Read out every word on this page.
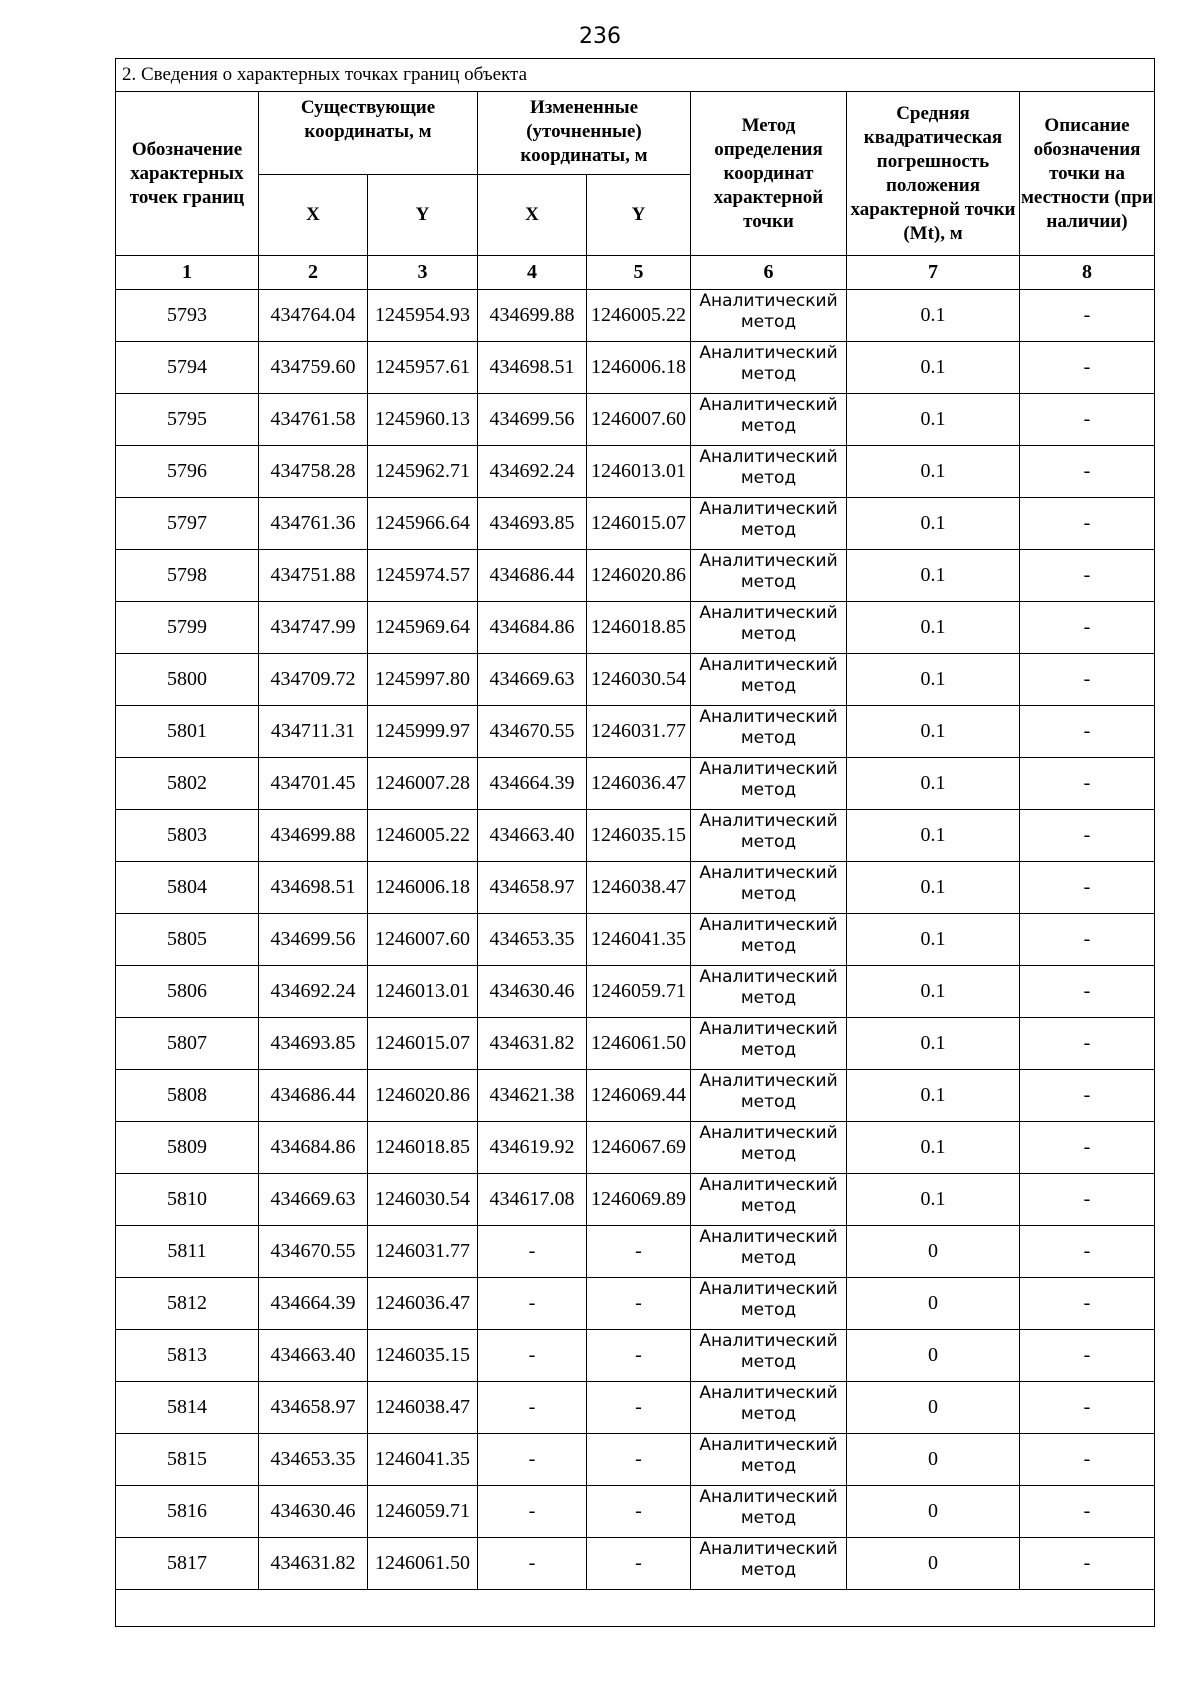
236
2. Сведения о характерных точках границ объекта							
Обозначение характерных точек границ	Существующие координаты, м		Измененные (уточненные) координаты, м		Метод определения координат характерной точки	Средняя квадратическая погрешность положения характерной точки (Mt), м	Описание обозначения точки на местности (при наличии)
	X	Y	X	Y			
1	2	3	4	5	6	7	8
5793	434764.04	1245954.93	434699.88	1246005.22	Аналитический метод	0.1	-
5794	434759.60	1245957.61	434698.51	1246006.18	Аналитический метод	0.1	-
5795	434761.58	1245960.13	434699.56	1246007.60	Аналитический метод	0.1	-
5796	434758.28	1245962.71	434692.24	1246013.01	Аналитический метод	0.1	-
5797	434761.36	1245966.64	434693.85	1246015.07	Аналитический метод	0.1	-
5798	434751.88	1245974.57	434686.44	1246020.86	Аналитический метод	0.1	-
5799	434747.99	1245969.64	434684.86	1246018.85	Аналитический метод	0.1	-
5800	434709.72	1245997.80	434669.63	1246030.54	Аналитический метод	0.1	-
5801	434711.31	1245999.97	434670.55	1246031.77	Аналитический метод	0.1	-
5802	434701.45	1246007.28	434664.39	1246036.47	Аналитический метод	0.1	-
5803	434699.88	1246005.22	434663.40	1246035.15	Аналитический метод	0.1	-
5804	434698.51	1246006.18	434658.97	1246038.47	Аналитический метод	0.1	-
5805	434699.56	1246007.60	434653.35	1246041.35	Аналитический метод	0.1	-
5806	434692.24	1246013.01	434630.46	1246059.71	Аналитический метод	0.1	-
5807	434693.85	1246015.07	434631.82	1246061.50	Аналитический метод	0.1	-
5808	434686.44	1246020.86	434621.38	1246069.44	Аналитический метод	0.1	-
5809	434684.86	1246018.85	434619.92	1246067.69	Аналитический метод	0.1	-
5810	434669.63	1246030.54	434617.08	1246069.89	Аналитический метод	0.1	-
5811	434670.55	1246031.77	-	-	Аналитический метод	0	-
5812	434664.39	1246036.47	-	-	Аналитический метод	0	-
5813	434663.40	1246035.15	-	-	Аналитический метод	0	-
5814	434658.97	1246038.47	-	-	Аналитический метод	0	-
5815	434653.35	1246041.35	-	-	Аналитический метод	0	-
5816	434630.46	1246059.71	-	-	Аналитический метод	0	-
5817	434631.82	1246061.50	-	-	Аналитический метод	0	-
